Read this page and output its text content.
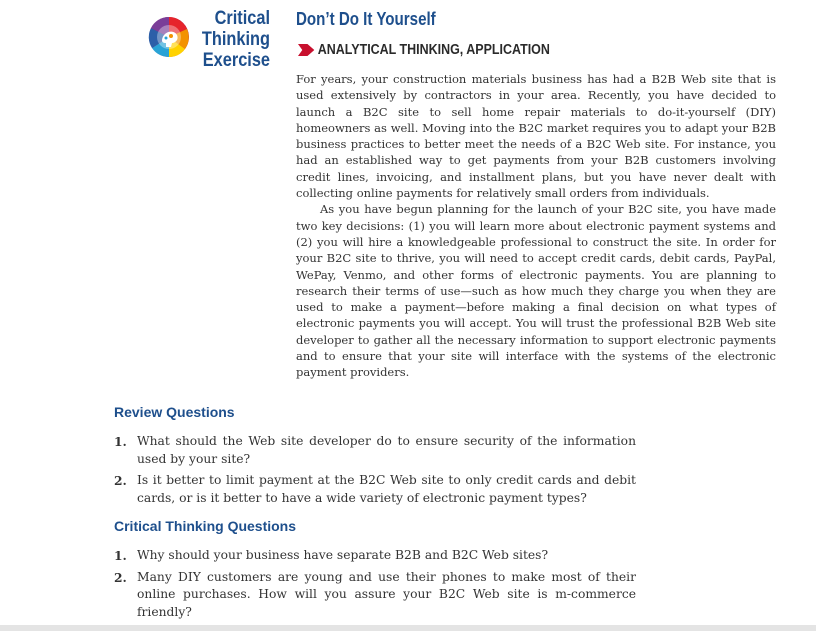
Critical
Thinking
Exercise
Don’t Do It Yourself
ANALYTICAL THINKING, APPLICATION

For years, your construction materials business has had a B2B Web site that is used extensively by contractors in your area. Recently, you have decided to launch a B2C site to sell home repair materials to do-it-yourself (DIY) homeowners as well. Moving into the B2C market requires you to adapt your B2B business practices to better meet the needs of a B2C Web site. For instance, you had an established way to get payments from your B2B customers involving credit lines, invoicing, and installment plans, but you have never dealt with collecting online payments for relatively small orders from individuals.

As you have begun planning for the launch of your B2C site, you have made two key decisions: (1) you will learn more about electronic payment systems and (2) you will hire a knowledgeable professional to construct the site. In order for your B2C site to thrive, you will need to accept credit cards, debit cards, PayPal, WePay, Venmo, and other forms of electronic payments. You are planning to research their terms of use—such as how much they charge you when they are used to make a payment—before making a final decision on what types of electronic payments you will accept. You will trust the professional B2B Web site developer to gather all the necessary information to support electronic payments and to ensure that your site will interface with the systems of the electronic payment providers.

Review Questions
1. What should the Web site developer do to ensure security of the information used by your site?
2. Is it better to limit payment at the B2C Web site to only credit cards and debit cards, or is it better to have a wide variety of electronic payment types?
Critical Thinking Questions
1. Why should your business have separate B2B and B2C Web sites?
2. Many DIY customers are young and use their phones to make most of their online purchases. How will you assure your B2C Web site is m-commerce friendly?
